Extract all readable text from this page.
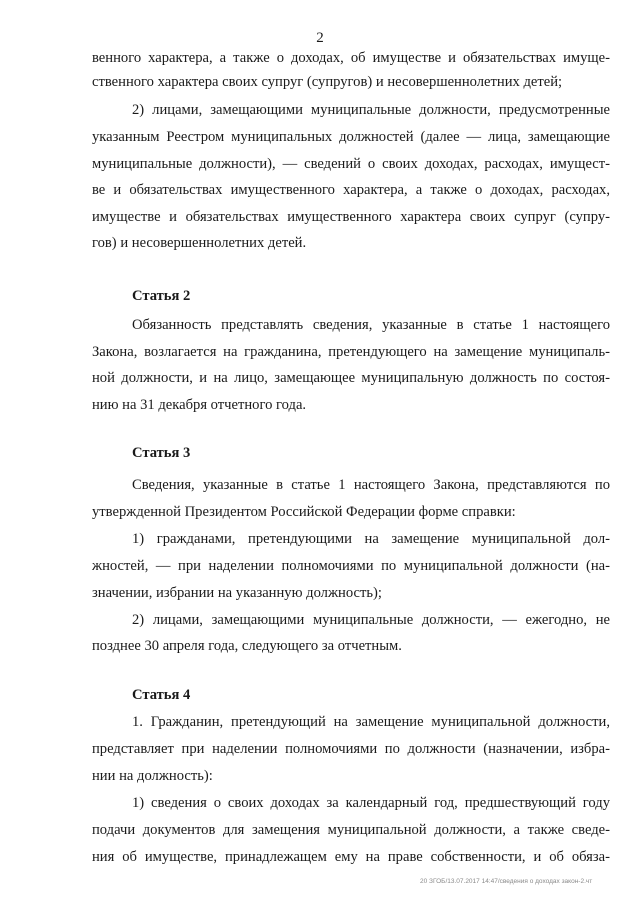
2
венного характера, а также о доходах, об имуществе и обязательствах имуще-
ственного характера своих супруг (супругов) и несовершеннолетних детей;
2) лицами, замещающими муниципальные должности, предусмотренные
указанным Реестром муниципальных должностей (далее — лица, замещающие
муниципальные должности), — сведений о своих доходах, расходах, имущест-
ве и обязательствах имущественного характера, а также о доходах, расходах,
имуществе и обязательствах имущественного характера своих супруг (супру-
гов) и несовершеннолетних детей.
Статья 2
Обязанность представлять сведения, указанные в статье 1 настоящего
Закона, возлагается на гражданина, претендующего на замещение муниципаль-
ной должности, и на лицо, замещающее муниципальную должность по состоя-
нию на 31 декабря отчетного года.
Статья 3
Сведения, указанные в статье 1 настоящего Закона, представляются по
утвержденной Президентом Российской Федерации форме справки:
1) гражданами, претендующими на замещение муниципальной дол-
жностей, — при наделении полномочиями по муниципальной должности (на-
значении, избрании на указанную должность);
2) лицами, замещающими муниципальные должности, — ежегодно, не
позднее 30 апреля года, следующего за отчетным.
Статья 4
1. Гражданин, претендующий на замещение муниципальной должности,
представляет при наделении полномочиями по должности (назначении, избра-
нии на должность):
1) сведения о своих доходах за календарный год, предшествующий году
подачи документов для замещения муниципальной должности, а также сведе-
ния об имуществе, принадлежащем ему на праве собственности, и об обяза-
20 ЗГОБ/13.07.2017 14:47/сведения о доходах закон-2.чт
